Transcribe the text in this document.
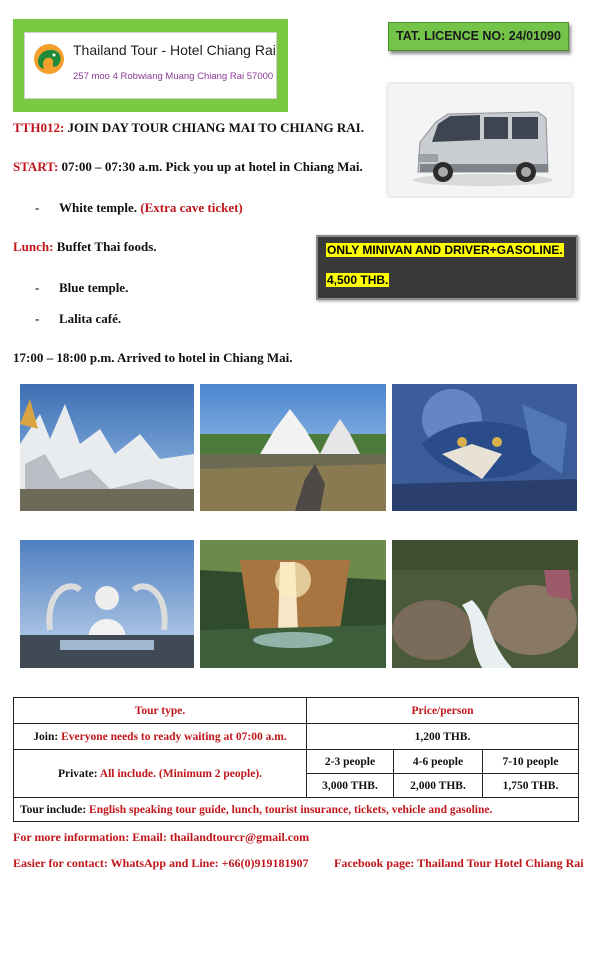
Thailand Tour - Hotel Chiang Rai
257 moo 4 Robwiang Muang Chiang Rai 57000
TAT. LICENCE NO: 24/01090
TTH012: JOIN DAY TOUR CHIANG MAI TO CHIANG RAI.
START: 07:00 – 07:30 a.m. Pick you up at hotel in Chiang Mai.
- White temple. (Extra cave ticket)
Lunch: Buffet Thai foods.
- Blue temple.
- Lalita café.
17:00 – 18:00 p.m. Arrived to hotel in Chiang Mai.
ONLY MINIVAN AND DRIVER+GASOLINE.
4,500 THB.
Tour type.	Price/person		
Join: Everyone needs to ready waiting at 07:00 a.m.	1,200 THB.		
Private: All include. (Minimum 2 people).	2-3 people	4-6 people	7-10 people
	3,000 THB.	2,000 THB.	1,750 THB.
Tour include: English speaking tour guide, lunch, tourist insurance, tickets, vehicle and gasoline.			
For more information: Email: thailandtourcr@gmail.com
Easier for contact: WhatsApp and Line: +66(0)919181907 Facebook page: Thailand Tour Hotel Chiang Rai
